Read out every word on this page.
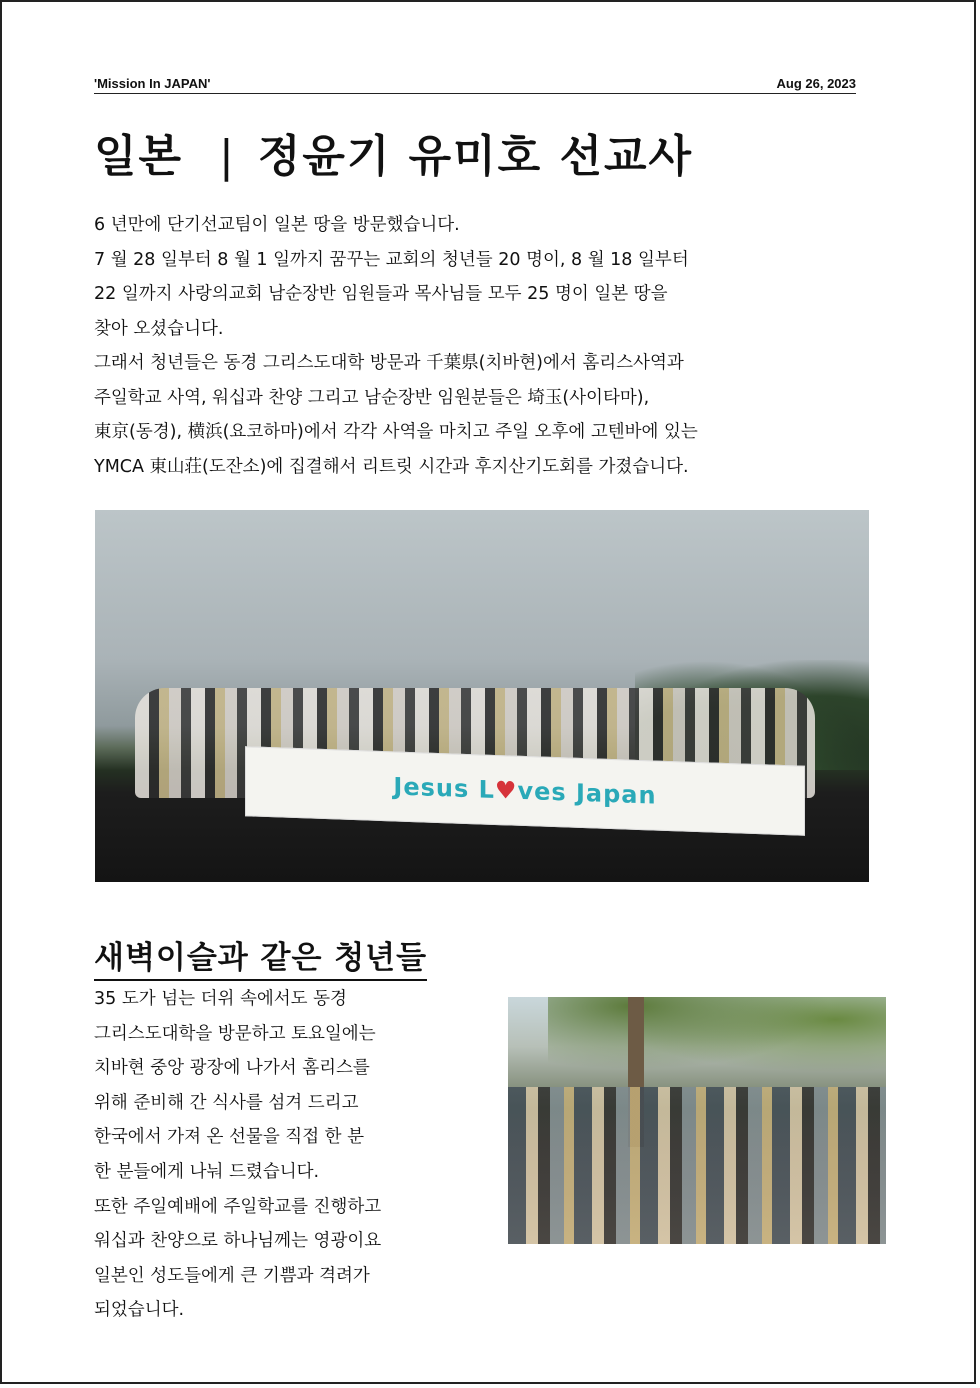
'Mission In JAPAN'	Aug 26, 2023
일본 | 정윤기 유미호 선교사

6 년만에 단기선교팀이 일본 땅을 방문했습니다.

7 월 28 일부터 8 월 1 일까지 꿈꾸는 교회의 청년들 20 명이, 8 월 18 일부터

22 일까지 사랑의교회 남순장반 임원들과 목사님들 모두 25 명이 일본 땅을

찾아 오셨습니다.

그래서 청년들은 동경 그리스도대학 방문과 千葉県(치바현)에서 홈리스사역과

주일학교 사역, 워십과 찬양 그리고 남순장반 임원분들은 埼玉(사이타마),

東京(동경), 横浜(요코하마)에서 각각 사역을 마치고 주일 오후에 고텐바에 있는

YMCA 東山荘(도잔소)에 집결해서 리트릿 시간과 후지산기도회를 가졌습니다.

Jesus L♥ves Japan
새벽이슬과 같은 청년들

35 도가 넘는 더위 속에서도 동경

그리스도대학을 방문하고 토요일에는

치바현 중앙 광장에 나가서 홈리스를

위해 준비해 간 식사를 섬겨 드리고

한국에서 가져 온 선물을 직접 한 분

한 분들에게 나눠 드렸습니다.

또한 주일예배에 주일학교를 진행하고

워십과 찬양으로 하나님께는 영광이요

일본인 성도들에게 큰 기쁨과 격려가

되었습니다.
